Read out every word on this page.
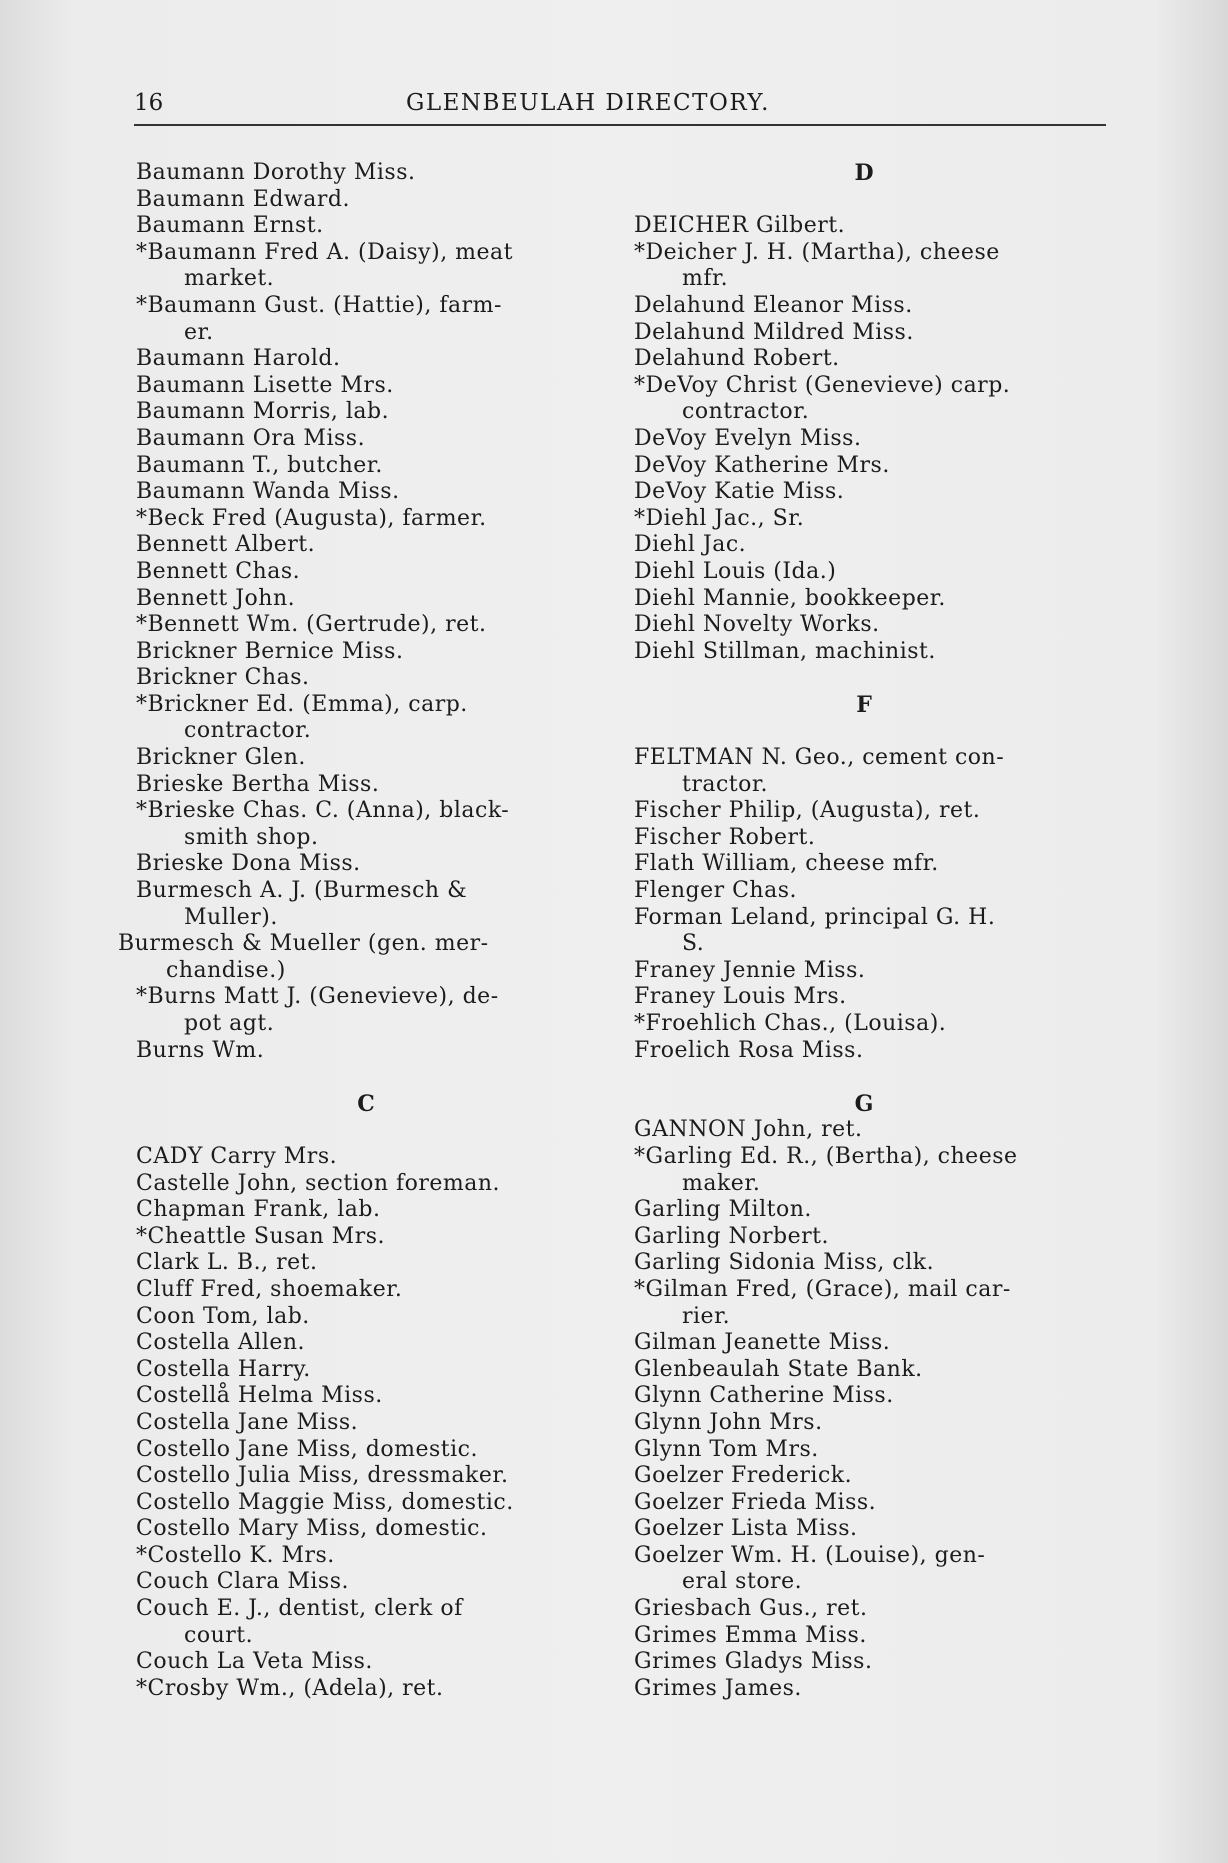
16	GLENBEULAH DIRECTORY.
Baumann Dorothy Miss.
Baumann Edward.
Baumann Ernst.
*Baumann Fred A. (Daisy), meat
market.
*Baumann Gust. (Hattie), farm-
er.
Baumann Harold.
Baumann Lisette Mrs.
Baumann Morris, lab.
Baumann Ora Miss.
Baumann T., butcher.
Baumann Wanda Miss.
*Beck Fred (Augusta), farmer.
Bennett Albert.
Bennett Chas.
Bennett John.
*Bennett Wm. (Gertrude), ret.
Brickner Bernice Miss.
Brickner Chas.
*Brickner Ed. (Emma), carp.
contractor.
Brickner Glen.
Brieske Bertha Miss.
*Brieske Chas. C. (Anna), black-
smith shop.
Brieske Dona Miss.
Burmesch A. J. (Burmesch &
Muller).
Burmesch & Mueller (gen. mer-
chandise.)
*Burns Matt J. (Genevieve), de-
pot agt.
Burns Wm.
C
CADY Carry Mrs.
Castelle John, section foreman.
Chapman Frank, lab.
*Cheattle Susan Mrs.
Clark L. B., ret.
Cluff Fred, shoemaker.
Coon Tom, lab.
Costella Allen.
Costella Harry.
Costellå Helma Miss.
Costella Jane Miss.
Costello Jane Miss, domestic.
Costello Julia Miss, dressmaker.
Costello Maggie Miss, domestic.
Costello Mary Miss, domestic.
*Costello K. Mrs.
Couch Clara Miss.
Couch E. J., dentist, clerk of
court.
Couch La Veta Miss.
*Crosby Wm., (Adela), ret.
D
DEICHER Gilbert.
*Deicher J. H. (Martha), cheese
mfr.
Delahund Eleanor Miss.
Delahund Mildred Miss.
Delahund Robert.
*DeVoy Christ (Genevieve) carp.
contractor.
DeVoy Evelyn Miss.
DeVoy Katherine Mrs.
DeVoy Katie Miss.
*Diehl Jac., Sr.
Diehl Jac.
Diehl Louis (Ida.)
Diehl Mannie, bookkeeper.
Diehl Novelty Works.
Diehl Stillman, machinist.
F
FELTMAN N. Geo., cement con-
tractor.
Fischer Philip, (Augusta), ret.
Fischer Robert.
Flath William, cheese mfr.
Flenger Chas.
Forman Leland, principal G. H.
S.
Franey Jennie Miss.
Franey Louis Mrs.
*Froehlich Chas., (Louisa).
Froelich Rosa Miss.
G
GANNON John, ret.
*Garling Ed. R., (Bertha), cheese
maker.
Garling Milton.
Garling Norbert.
Garling Sidonia Miss, clk.
*Gilman Fred, (Grace), mail car-
rier.
Gilman Jeanette Miss.
Glenbeaulah State Bank.
Glynn Catherine Miss.
Glynn John Mrs.
Glynn Tom Mrs.
Goelzer Frederick.
Goelzer Frieda Miss.
Goelzer Lista Miss.
Goelzer Wm. H. (Louise), gen-
eral store.
Griesbach Gus., ret.
Grimes Emma Miss.
Grimes Gladys Miss.
Grimes James.
